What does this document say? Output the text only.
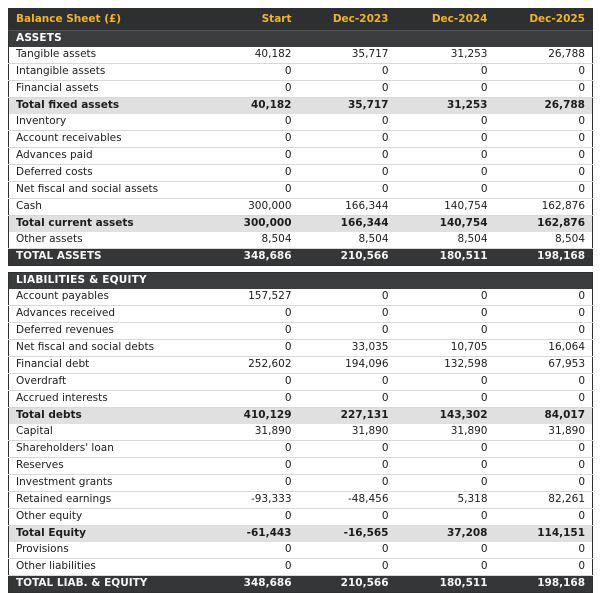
Balance Sheet (£)	Start	Dec-2023	Dec-2024	Dec-2025
ASSETS				
Tangible assets	40,182	35,717	31,253	26,788
Intangible assets	0	0	0	0
Financial assets	0	0	0	0
Total fixed assets	40,182	35,717	31,253	26,788
Inventory	0	0	0	0
Account receivables	0	0	0	0
Advances paid	0	0	0	0
Deferred costs	0	0	0	0
Net fiscal and social assets	0	0	0	0
Cash	300,000	166,344	140,754	162,876
Total current assets	300,000	166,344	140,754	162,876
Other assets	8,504	8,504	8,504	8,504
TOTAL ASSETS	348,686	210,566	180,511	198,168
LIABILITIES & EQUITY				
Account payables	157,527	0	0	0
Advances received	0	0	0	0
Deferred revenues	0	0	0	0
Net fiscal and social debts	0	33,035	10,705	16,064
Financial debt	252,602	194,096	132,598	67,953
Overdraft	0	0	0	0
Accrued interests	0	0	0	0
Total debts	410,129	227,131	143,302	84,017
Capital	31,890	31,890	31,890	31,890
Shareholders' loan	0	0	0	0
Reserves	0	0	0	0
Investment grants	0	0	0	0
Retained earnings	-93,333	-48,456	5,318	82,261
Other equity	0	0	0	0
Total Equity	-61,443	-16,565	37,208	114,151
Provisions	0	0	0	0
Other liabilities	0	0	0	0
TOTAL LIAB. & EQUITY	348,686	210,566	180,511	198,168
